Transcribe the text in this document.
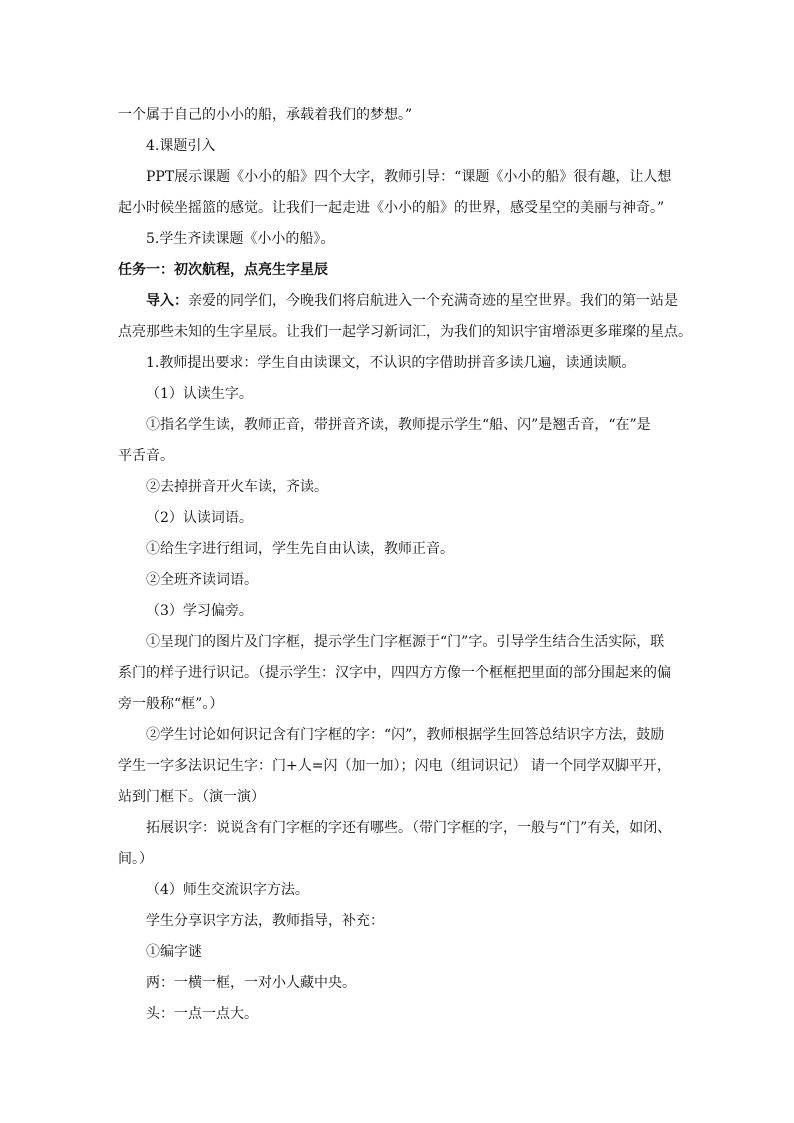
一个属于自己的小小的船，承载着我们的梦想。”
4.课题引入
PPT展示课题《小小的船》四个大字，教师引导：“课题《小小的船》很有趣，让人想
起小时候坐摇篮的感觉。让我们一起走进《小小的船》的世界，感受星空的美丽与神奇。”
5.学生齐读课题《小小的船》。
任务一：初次航程，点亮生字星辰
导入：亲爱的同学们，今晚我们将启航进入一个充满奇迹的星空世界。我们的第一站是
点亮那些未知的生字星辰。让我们一起学习新词汇，为我们的知识宇宙增添更多璀璨的星点。
1.教师提出要求：学生自由读课文，不认识的字借助拼音多读几遍，读通读顺。
（1）认读生字。
①指名学生读，教师正音，带拼音齐读，教师提示学生“船、闪”是翘舌音，“在”是
平舌音。
②去掉拼音开火车读，齐读。
（2）认读词语。
①给生字进行组词，学生先自由认读，教师正音。
②全班齐读词语。
（3）学习偏旁。
①呈现门的图片及门字框，提示学生门字框源于“门”字。引导学生结合生活实际，联
系门的样子进行识记。（提示学生：汉字中，四四方方像一个框框把里面的部分围起来的偏
旁一般称“框”。）
②学生讨论如何识记含有门字框的字：“闪”，教师根据学生回答总结识字方法，鼓励
学生一字多法识记生字：门+人=闪（加一加）；闪电（组词识记） 请一个同学双脚平开，
站到门框下。（演一演）
拓展识字：说说含有门字框的字还有哪些。（带门字框的字，一般与“门”有关，如闭、
间。）
（4）师生交流识字方法。
学生分享识字方法，教师指导，补充：
①编字谜
两：一横一框，一对小人藏中央。
头：一点一点大。
